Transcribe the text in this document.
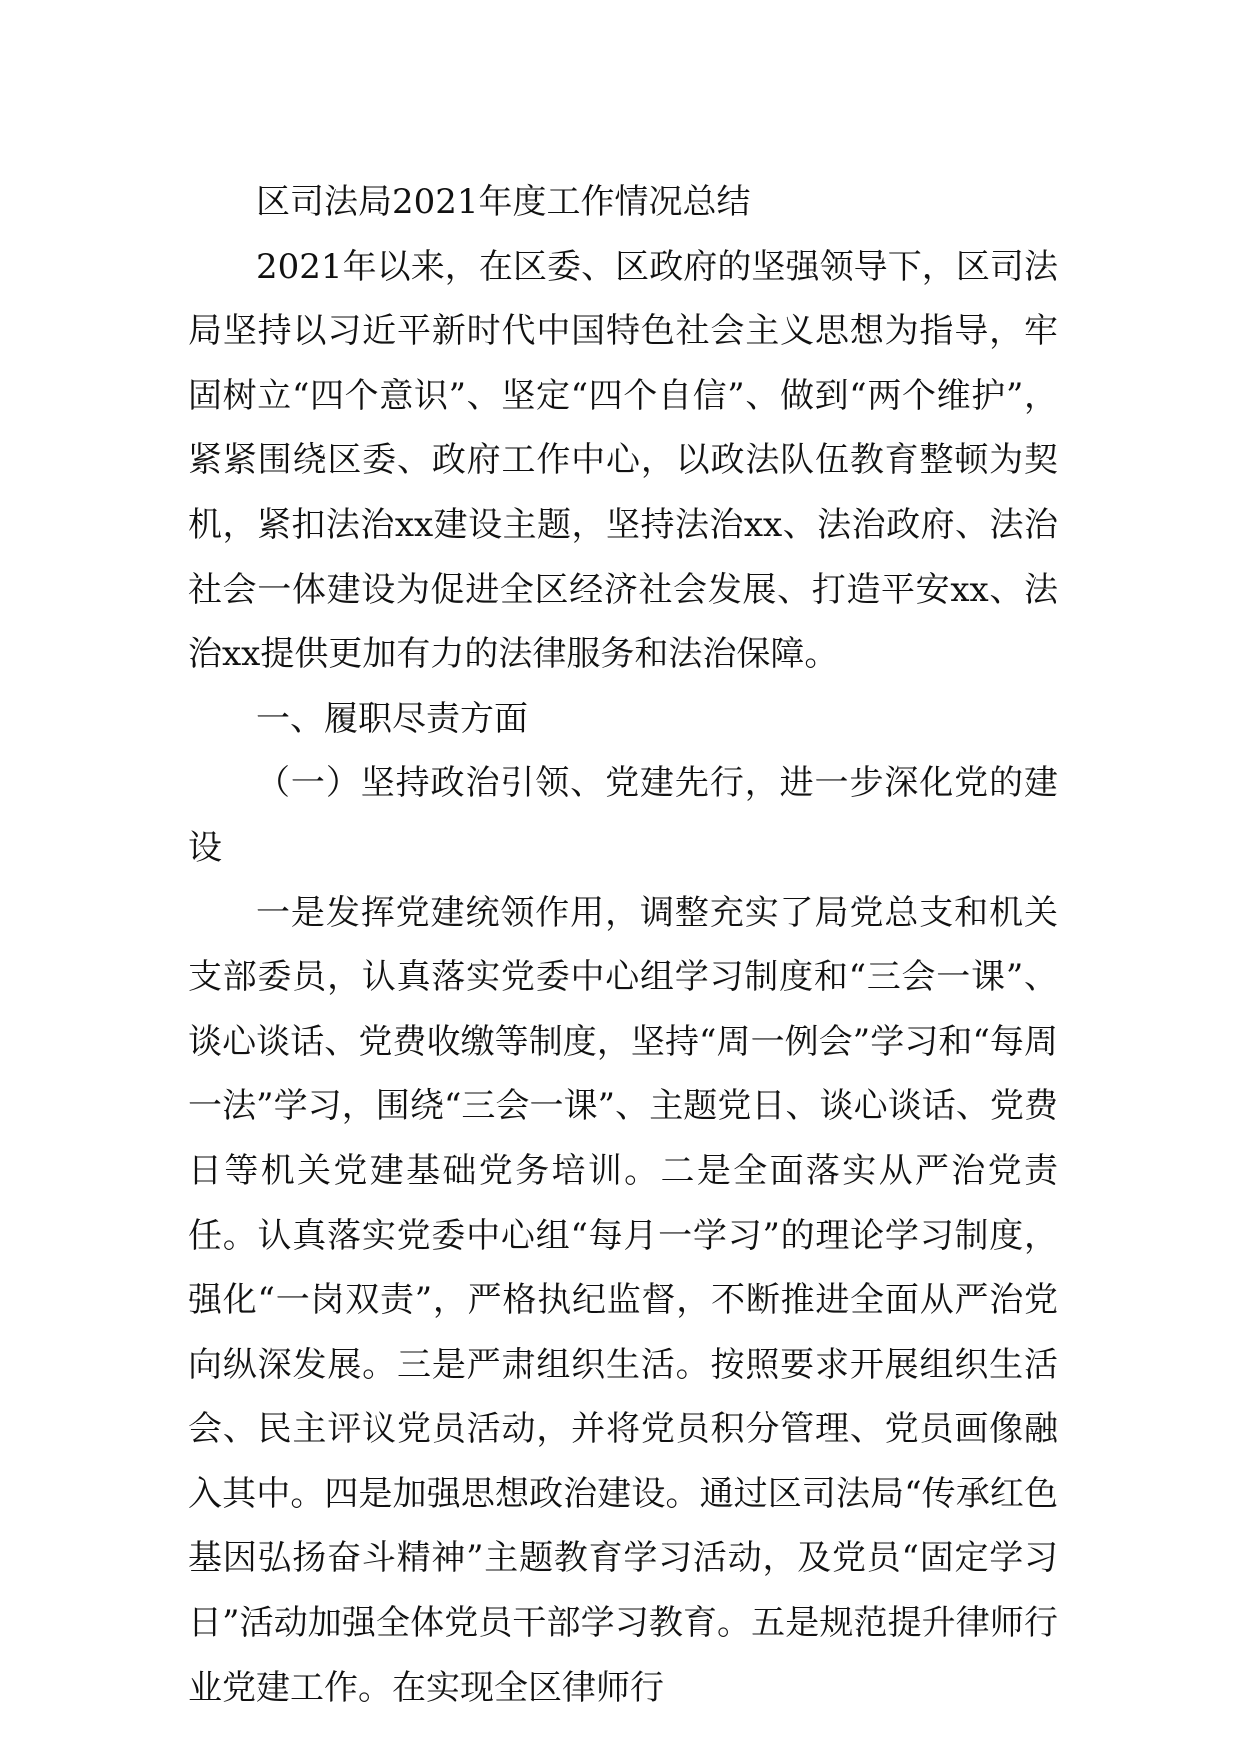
区司法局2021年度工作情况总结

2021年以来，在区委、区政府的坚强领导下，区司法局坚持以习近平新时代中国特色社会主义思想为指导，牢固树立“四个意识”、坚定“四个自信”、做到“两个维护”，紧紧围绕区委、政府工作中心，以政法队伍教育整顿为契机，紧扣法治xx建设主题，坚持法治xx、法治政府、法治社会一体建设为促进全区经济社会发展、打造平安xx、法治xx提供更加有力的法律服务和法治保障。

一、履职尽责方面

（一）坚持政治引领、党建先行，进一步深化党的建设

一是发挥党建统领作用，调整充实了局党总支和机关支部委员，认真落实党委中心组学习制度和“三会一课”、谈心谈话、党费收缴等制度，坚持“周一例会”学习和“每周一法”学习，围绕“三会一课”、主题党日、谈心谈话、党费日等机关党建基础党务培训。二是全面落实从严治党责任。认真落实党委中心组“每月一学习”的理论学习制度，强化“一岗双责”，严格执纪监督，不断推进全面从严治党向纵深发展。三是严肃组织生活。按照要求开展组织生活会、民主评议党员活动，并将党员积分管理、党员画像融入其中。四是加强思想政治建设。通过区司法局“传承红色基因弘扬奋斗精神”主题教育学习活动，及党员“固定学习日”活动加强全体党员干部学习教育。五是规范提升律师行业党建工作。在实现全区律师行
